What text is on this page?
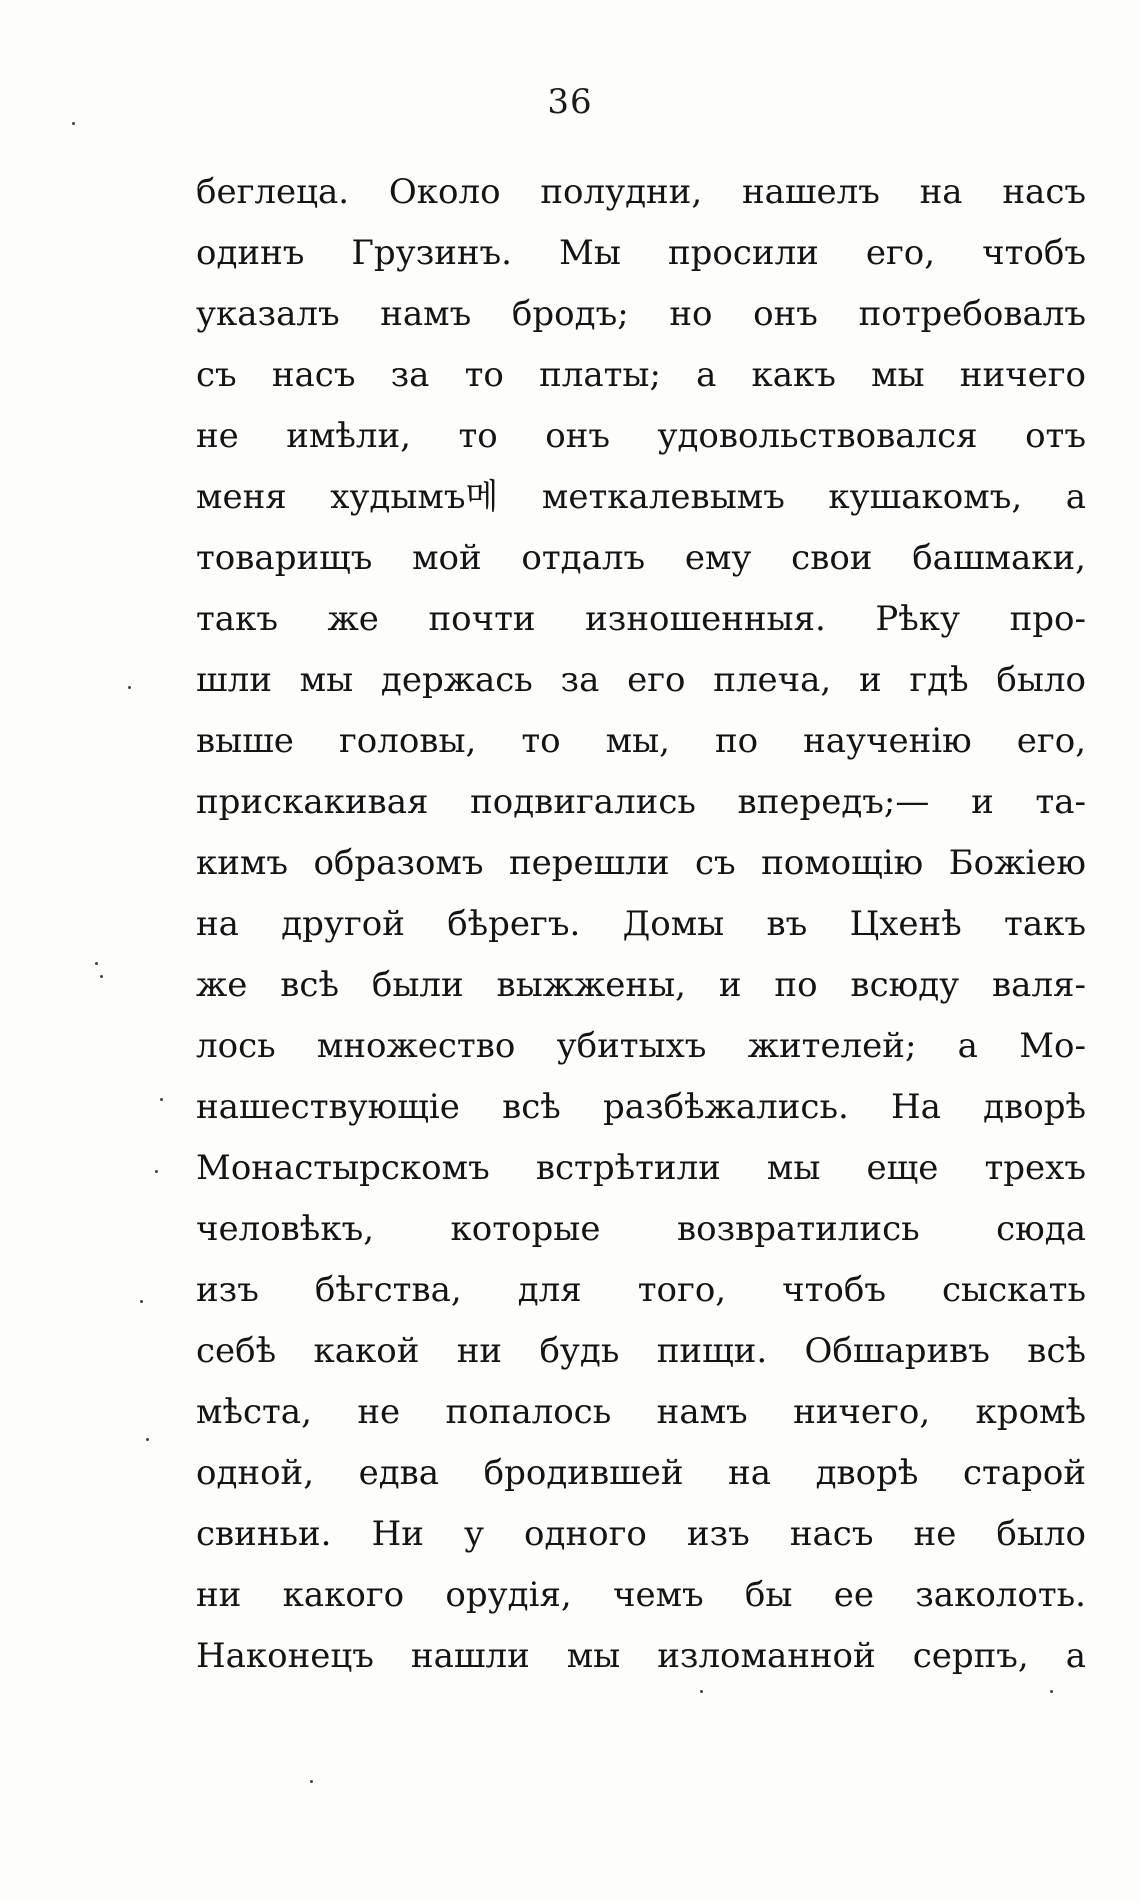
36
беглеца. Около полудни, нашелъ на насъ
одинъ Грузинъ. Мы просили его, чтобъ
указалъ намъ бродъ; но онъ потребовалъ
съ насъ за то платы; а какъ мы ничего
не имѣли, то онъ удовольствовался отъ
меня худымъ메 меткалевымъ кушакомъ, а
товарищъ мой отдалъ ему свои башмаки,
такъ же почти изношенныя. Рѣку про-
шли мы держась за его плеча, и гдѣ было
выше головы, то мы, по наученію его,
прискакивая подвигались впередъ;— и та-
кимъ образомъ перешли съ помощію Божіею
на другой бѣрегъ. Домы въ Цхенѣ такъ
же всѣ были выжжены, и по всюду валя-
лось множество убитыхъ жителей; а Мо-
нашествующіе всѣ разбѣжались. На дворѣ
Монастырскомъ встрѣтили мы еще трехъ
человѣкъ, которые возвратились сюда
изъ бѣгства, для того, чтобъ сыскать
себѣ какой ни будь пищи. Обшаривъ всѣ
мѣста, не попалось намъ ничего, кромѣ
одной, едва бродившей на дворѣ старой
свиньи. Ни у одного изъ насъ не было
ни какого орудія, чемъ бы ее заколоть.
Наконецъ нашли мы изломанной серпъ, а
